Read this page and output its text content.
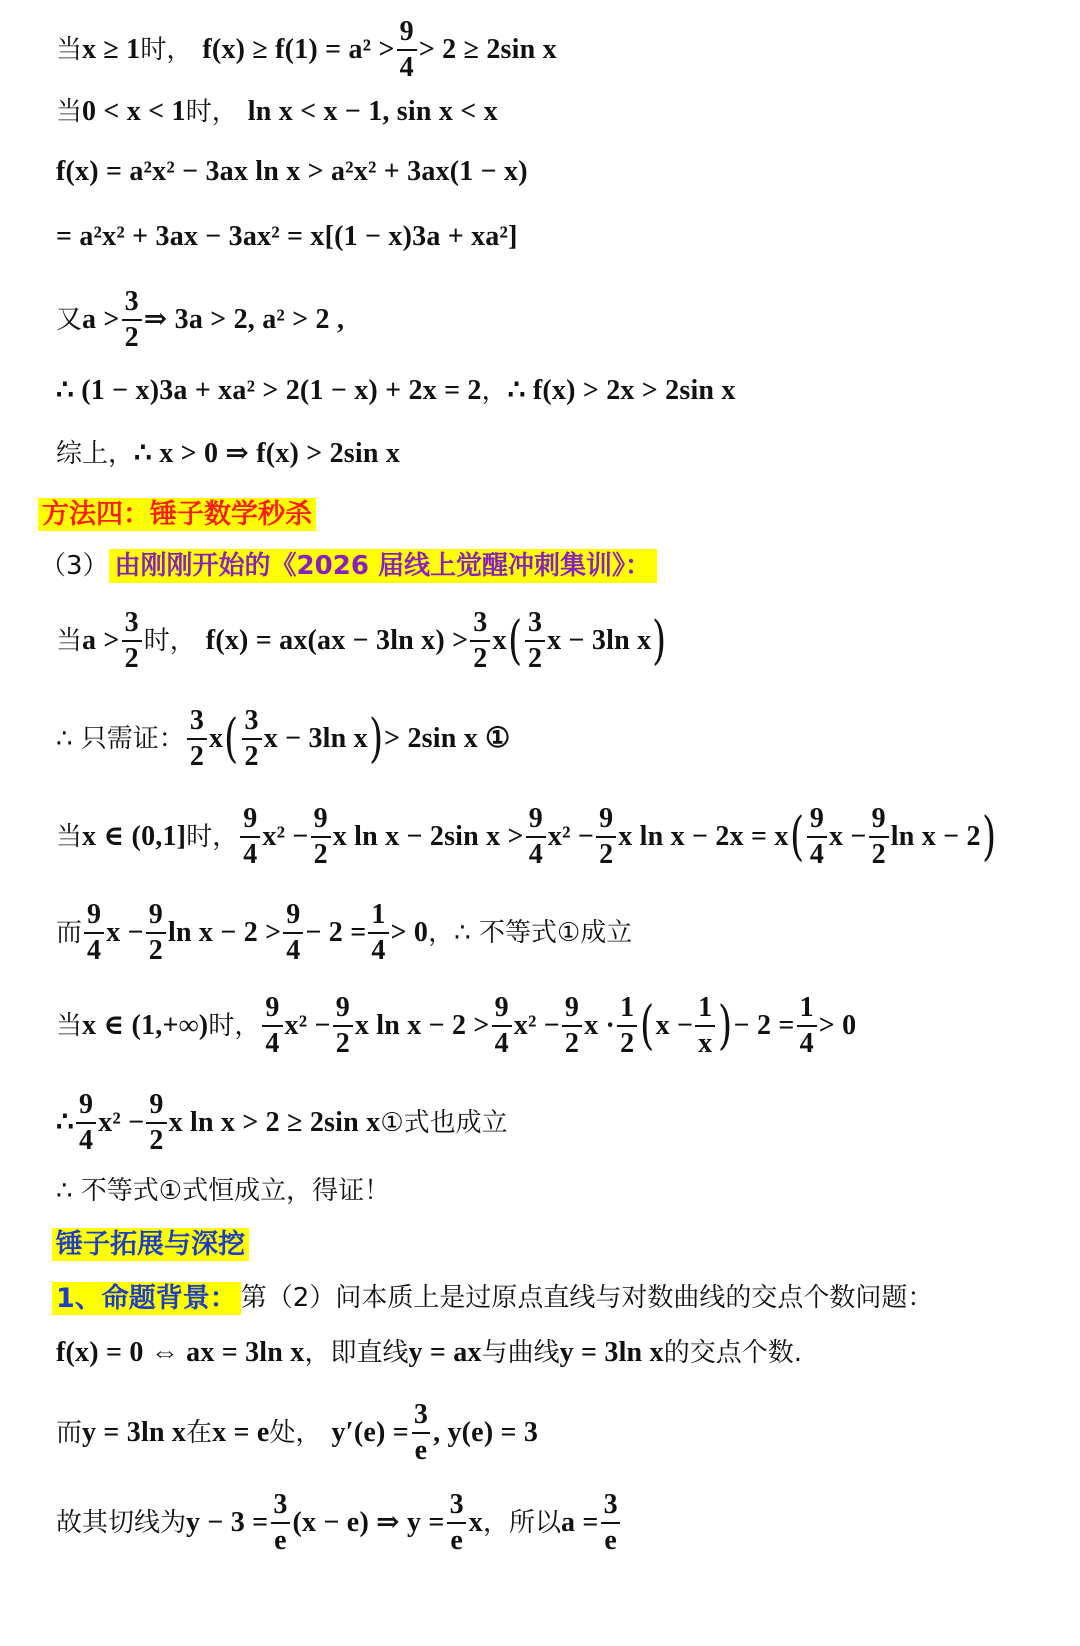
当 x ≥ 1 时， $f(x) \ge f(1) = a^2 > \frac{9}{4} > 2 \ge 2\sin$ x
当 0 < x < 1 时， ln x < x − 1, sin x < x
f(x) = a²x² − 3ax ln x > a²x² + 3ax(1 − x)
= a²x² + 3ax − 3ax² = x[(1 − x)3a + xa²]
又 $a > \frac{3}{2}$ ⇒ 3a > 2, a² > 2 ,
∴ (1 − x)3a + xa² > 2(1 − x) + 2x = 2 ， ∴ f(x) > 2x > 2sin x
综上， ∴ x > 0 ⇒ f(x) > 2sin x
方法四：锤子数学秒杀
（3） 由刚刚开始的《2026 届线上觉醒冲刺集训》：
当 $a > \frac{3}{2}$ 时， f(x) = ax(ax − 3ln $x) > \frac{3}{2}$ x ( $\frac{3}{2}$ x − 3ln x )
∴ 只需证： $\frac{3}{2}$ x ( $\frac{3}{2}$ x − 3ln x ) > 2sin x ①
当 x ∈ (0,1] 时， $\frac{9}{4} x^2 - \frac{9}{2}$ x ln x − 2sin $x > \frac{9}{4} x^2 - \frac{9}{2}$ x ln x − 2x = x ( $\frac{9}{4}$ $x - \frac{9}{2}$ ln x − 2 )
而 $\frac{9}{4}$ $x - \frac{9}{2}$ $\ln x - 2 > \frac{9}{4} - 2 = \frac{1}{4} > 0$ ，∴ 不等式①成立
当 x ∈ (1,+∞) 时， $\frac{9}{4} x^2 - \frac{9}{2}$ x $\ln x - 2 > \frac{9}{4} x^2 - \frac{9}{2}$ $x \cdot \frac{1}{2}$ ( $x - \frac{1}{x}$ ) − $2 = \frac{1}{4} > 0$
∴ $\frac{9}{4} x^2 - \frac{9}{2}$ x ln x > 2 ≥ 2sin x ①式也成立
∴ 不等式①式恒成立，得证！
锤子拓展与深挖
1、命题背景： 第（2）问本质上是过原点直线与对数曲线的交点个数问题：
f(x) = 0 ⇔ ax = 3ln x ，即直线 y = ax 与曲线 y = 3ln x 的交点个数.
而 y = 3ln x 在 x = e 处， $y'(e) = \frac{3}{e}$ , y(e) = 3
故其切线为 $y - 3 = \frac{3}{e} (x - e)$ ⇒ $y = \frac{3}{e}$ x ，所以 $a = \frac{3}{e}$
